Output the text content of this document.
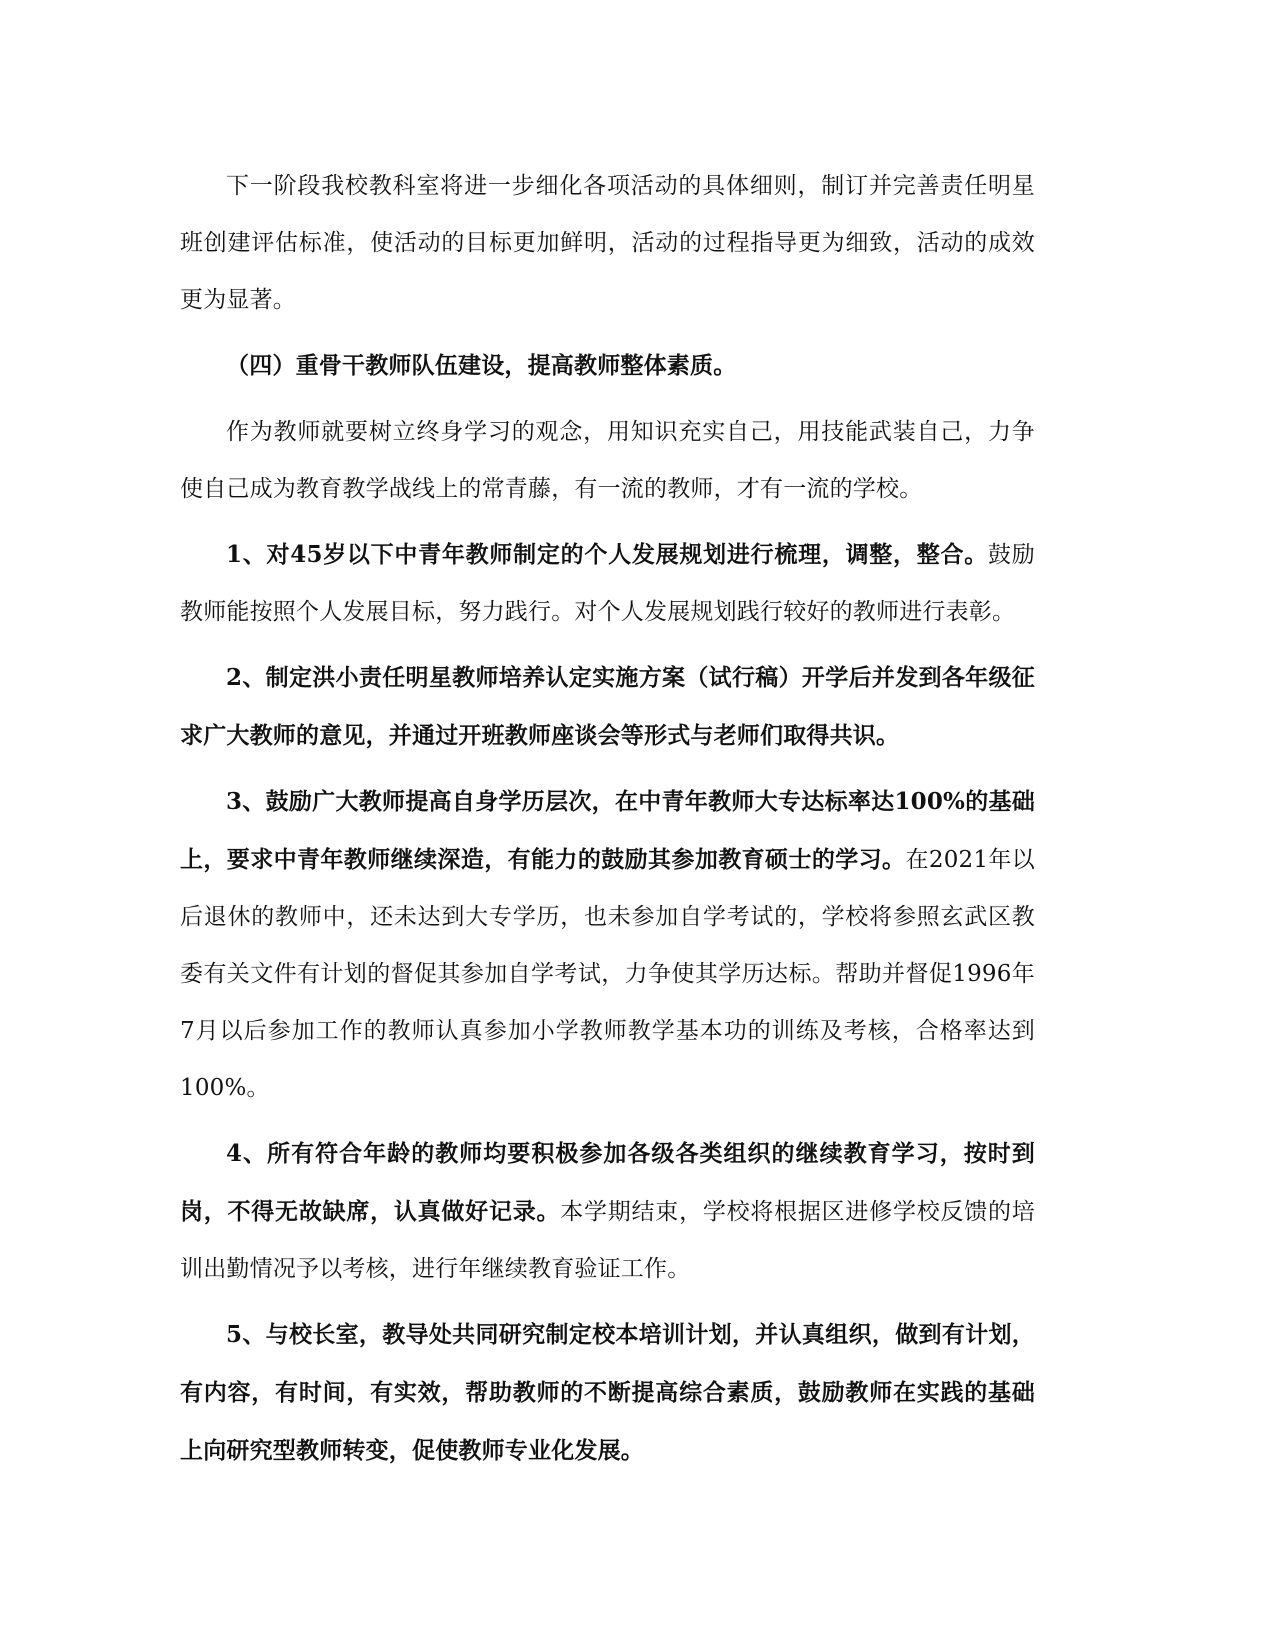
下一阶段我校教科室将进一步细化各项活动的具体细则，制订并完善责任明星班创建评估标准，使活动的目标更加鲜明，活动的过程指导更为细致，活动的成效更为显著。

（四）重骨干教师队伍建设，提高教师整体素质。

作为教师就要树立终身学习的观念，用知识充实自己，用技能武装自己，力争使自己成为教育教学战线上的常青藤，有一流的教师，才有一流的学校。

1、对45岁以下中青年教师制定的个人发展规划进行梳理，调整，整合。鼓励教师能按照个人发展目标，努力践行。对个人发展规划践行较好的教师进行表彰。

2、制定洪小责任明星教师培养认定实施方案（试行稿）开学后并发到各年级征求广大教师的意见，并通过开班教师座谈会等形式与老师们取得共识。

3、鼓励广大教师提高自身学历层次，在中青年教师大专达标率达100%的基础上，要求中青年教师继续深造，有能力的鼓励其参加教育硕士的学习。在2021年以后退休的教师中，还未达到大专学历，也未参加自学考试的，学校将参照玄武区教委有关文件有计划的督促其参加自学考试，力争使其学历达标。帮助并督促1996年7月以后参加工作的教师认真参加小学教师教学基本功的训练及考核，合格率达到100%。

4、所有符合年龄的教师均要积极参加各级各类组织的继续教育学习，按时到岗，不得无故缺席，认真做好记录。本学期结束，学校将根据区进修学校反馈的培训出勤情况予以考核，进行年继续教育验证工作。

5、与校长室，教导处共同研究制定校本培训计划，并认真组织，做到有计划，有内容，有时间，有实效，帮助教师的不断提高综合素质，鼓励教师在实践的基础上向研究型教师转变，促使教师专业化发展。
